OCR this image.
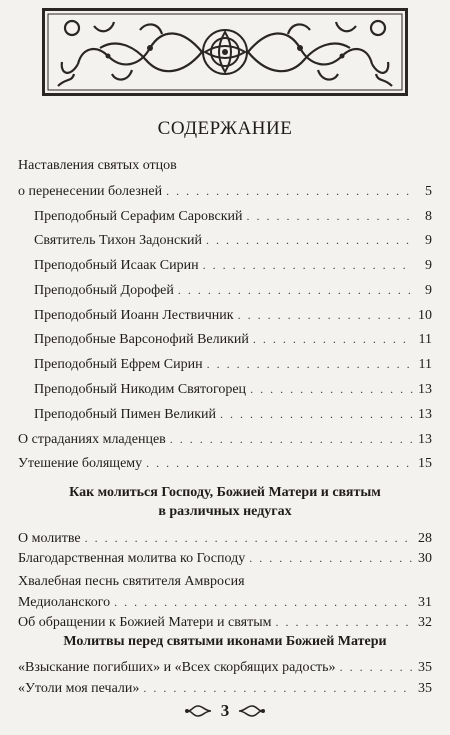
СОДЕРЖАНИЕ
Наставления святых отцов
о перенесении болезней . . .	5
Преподобный Серафим Саровский . . .	8
Святитель Тихон Задонский . . .	9
Преподобный Исаак Сирин . . .	9
Преподобный Дорофей . . .	9
Преподобный Иоанн Лествичник . . .	10
Преподобные Варсонофий Великий . . .	11
Преподобный Ефрем Сирин . . .	11
Преподобный Никодим Святогорец . . .	13
Преподобный Пимен Великий . . .	13
О страданиях младенцев . . .	13
Утешение болящему . . .	15
Как молиться Господу, Божией Матери и святым
в различных недугах
О молитве . . .	28
Благодарственная молитва ко Господу . . .	30
Хвалебная песнь святителя Амвросия
Медиоланского . . .	31
Об обращении к Божией Матери и святым . . .	32
Молитвы перед святыми иконами Божией Матери
«Взыскание погибших» и «Всех скорбящих радость» . . .	35
«Утоли моя печали» . . .	35
3
